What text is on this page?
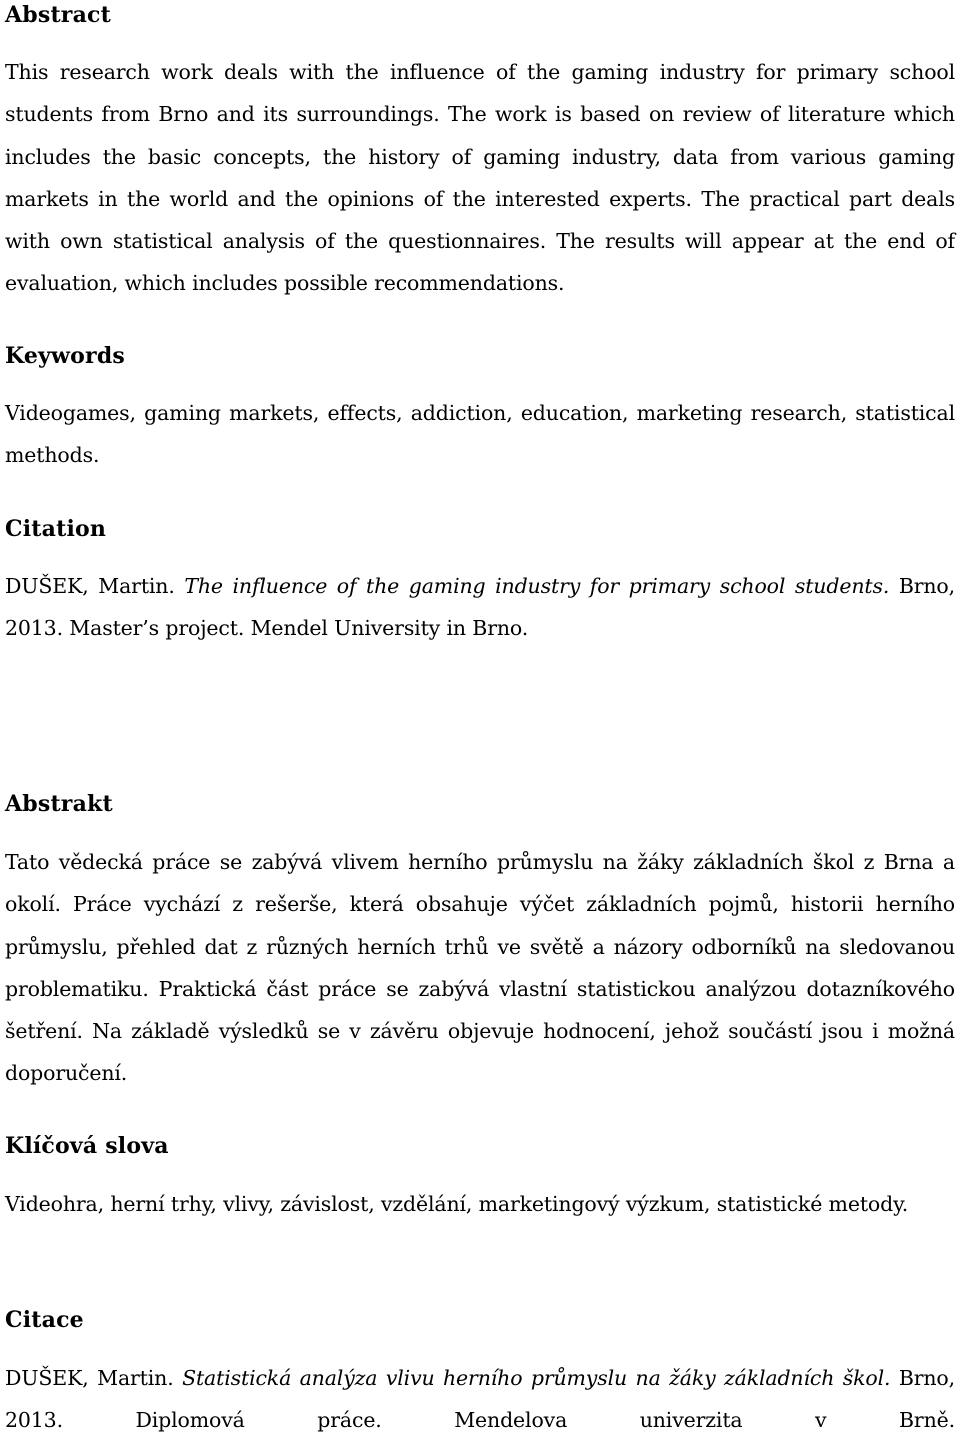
Abstract

This research work deals with the influence of the gaming industry for primary school students from Brno and its surroundings. The work is based on review of literature which includes the basic concepts, the history of gaming industry, data from various gaming markets in the world and the opinions of the interested experts. The practical part deals with own statistical analysis of the questionnaires. The results will appear at the end of evaluation, which includes possible recommendations.

Keywords

Videogames, gaming markets, effects, addiction, education, marketing research, statistical methods.

Citation

DUŠEK, Martin. The influence of the gaming industry for primary school students. Brno, 2013. Master’s project. Mendel University in Brno.

Abstrakt

Tato vědecká práce se zabývá vlivem herního průmyslu na žáky základních škol z Brna a okolí. Práce vychází z rešerše, která obsahuje výčet základních pojmů, historii herního průmyslu, přehled dat z různých herních trhů ve světě a názory odborníků na sledovanou problematiku. Praktická část práce se zabývá vlastní statistickou analýzou dotazníkového šetření. Na základě výsledků se v závěru objevuje hodnocení, jehož součástí jsou i možná doporučení.

Klíčová slova

Videohra, herní trhy, vlivy, závislost, vzdělání, marketingový výzkum, statistické metody.

Citace

DUŠEK, Martin. Statistická analýza vlivu herního průmyslu na žáky základních škol. Brno, 2013. Diplomová práce. Mendelova univerzita v Brně.
